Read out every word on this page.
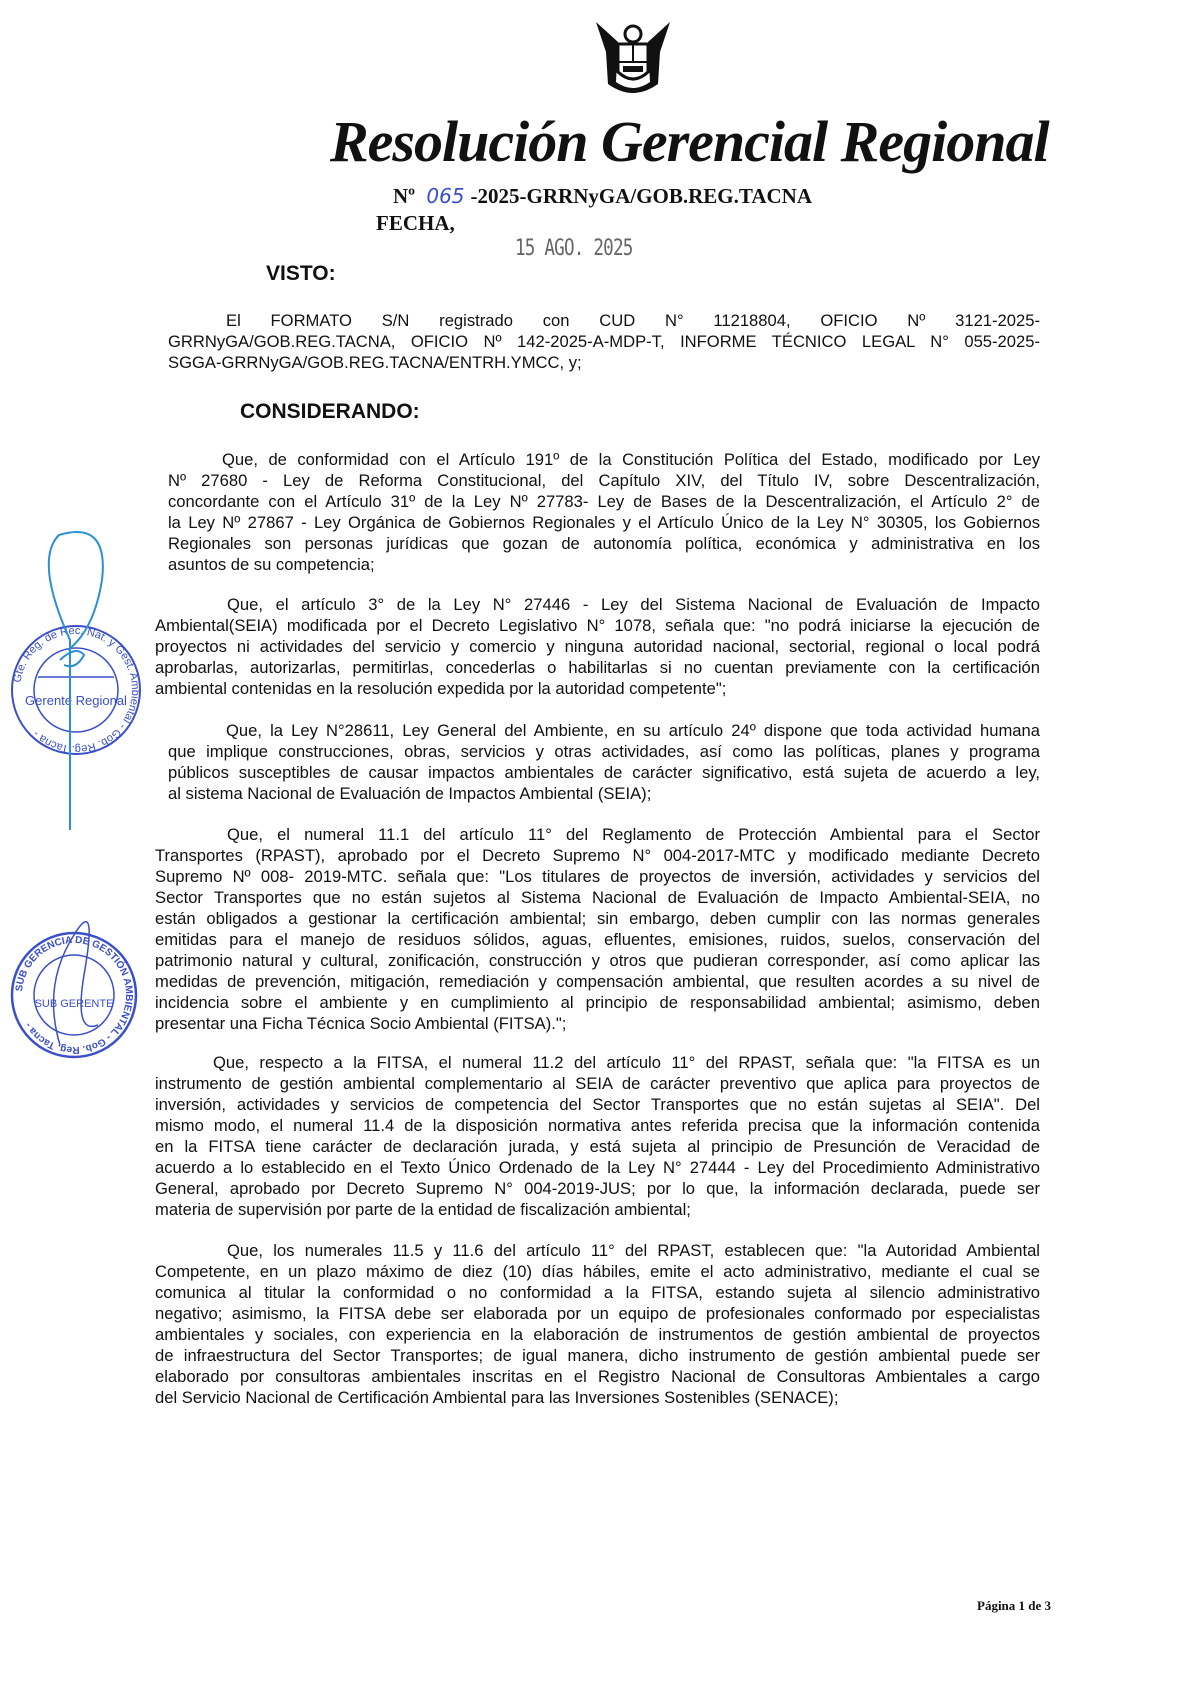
Resolución Gerencial Regional
Nº 065 -2025-GRRNyGA/GOB.REG.TACNA
FECHA,
15 AGO. 2025
VISTO:
El FORMATO S/N registrado con CUD N° 11218804, OFICIO Nº 3121-2025-
GRRNyGA/GOB.REG.TACNA, OFICIO Nº 142-2025-A-MDP-T, INFORME TÉCNICO LEGAL N° 055-2025-
SGGA-GRRNyGA/GOB.REG.TACNA/ENTRH.YMCC, y;
CONSIDERANDO:
Que, de conformidad con el Artículo 191º de la Constitución Política del Estado, modificado por Ley
Nº 27680 - Ley de Reforma Constitucional, del Capítulo XIV, del Título IV, sobre Descentralización,
concordante con el Artículo 31º de la Ley Nº 27783- Ley de Bases de la Descentralización, el Artículo 2° de
la Ley Nº 27867 - Ley Orgánica de Gobiernos Regionales y el Artículo Único de la Ley N° 30305, los Gobiernos
Regionales son personas jurídicas que gozan de autonomía política, económica y administrativa en los
asuntos de su competencia;
Que, el artículo 3° de la Ley N° 27446 - Ley del Sistema Nacional de Evaluación de Impacto
Ambiental(SEIA) modificada por el Decreto Legislativo N° 1078, señala que: "no podrá iniciarse la ejecución de
proyectos ni actividades del servicio y comercio y ninguna autoridad nacional, sectorial, regional o local podrá
aprobarlas, autorizarlas, permitirlas, concederlas o habilitarlas si no cuentan previamente con la certificación
ambiental contenidas en la resolución expedida por la autoridad competente";
Que, la Ley N°28611, Ley General del Ambiente, en su artículo 24º dispone que toda actividad humana
que implique construcciones, obras, servicios y otras actividades, así como las políticas, planes y programa
públicos susceptibles de causar impactos ambientales de carácter significativo, está sujeta de acuerdo a ley,
al sistema Nacional de Evaluación de Impactos Ambiental (SEIA);
Que, el numeral 11.1 del artículo 11° del Reglamento de Protección Ambiental para el Sector
Transportes (RPAST), aprobado por el Decreto Supremo N° 004-2017-MTC y modificado mediante Decreto
Supremo Nº 008- 2019-MTC. señala que: "Los titulares de proyectos de inversión, actividades y servicios del
Sector Transportes que no están sujetos al Sistema Nacional de Evaluación de Impacto Ambiental-SEIA, no
están obligados a gestionar la certificación ambiental; sin embargo, deben cumplir con las normas generales
emitidas para el manejo de residuos sólidos, aguas, efluentes, emisiones, ruidos, suelos, conservación del
patrimonio natural y cultural, zonificación, construcción y otros que pudieran corresponder, así como aplicar las
medidas de prevención, mitigación, remediación y compensación ambiental, que resulten acordes a su nivel de
incidencia sobre el ambiente y en cumplimiento al principio de responsabilidad ambiental; asimismo, deben
presentar una Ficha Técnica Socio Ambiental (FITSA).";
Que, respecto a la FITSA, el numeral 11.2 del artículo 11° del RPAST, señala que: "la FITSA es un
instrumento de gestión ambiental complementario al SEIA de carácter preventivo que aplica para proyectos de
inversión, actividades y servicios de competencia del Sector Transportes que no están sujetas al SEIA". Del
mismo modo, el numeral 11.4 de la disposición normativa antes referida precisa que la información contenida
en la FITSA tiene carácter de declaración jurada, y está sujeta al principio de Presunción de Veracidad de
acuerdo a lo establecido en el Texto Único Ordenado de la Ley N° 27444 - Ley del Procedimiento Administrativo
General, aprobado por Decreto Supremo N° 004-2019-JUS; por lo que, la información declarada, puede ser
materia de supervisión por parte de la entidad de fiscalización ambiental;
Que, los numerales 11.5 y 11.6 del artículo 11° del RPAST, establecen que: "la Autoridad Ambiental
Competente, en un plazo máximo de diez (10) días hábiles, emite el acto administrativo, mediante el cual se
comunica al titular la conformidad o no conformidad a la FITSA, estando sujeta al silencio administrativo
negativo; asimismo, la FITSA debe ser elaborada por un equipo de profesionales conformado por especialistas
ambientales y sociales, con experiencia en la elaboración de instrumentos de gestión ambiental de proyectos
de infraestructura del Sector Transportes; de igual manera, dicho instrumento de gestión ambiental puede ser
elaborado por consultoras ambientales inscritas en el Registro Nacional de Consultoras Ambientales a cargo
del Servicio Nacional de Certificación Ambiental para las Inversiones Sostenibles (SENACE);
Gte. Reg. de Rec. Nat. y Gest. Ambiental - Gob. Reg. Tacna -
Gerente Regional
SUB GERENCIA DE GESTIÓN AMBIENTAL - Gob. Reg. Tacna -
SUB GERENTE
Página 1 de 3
